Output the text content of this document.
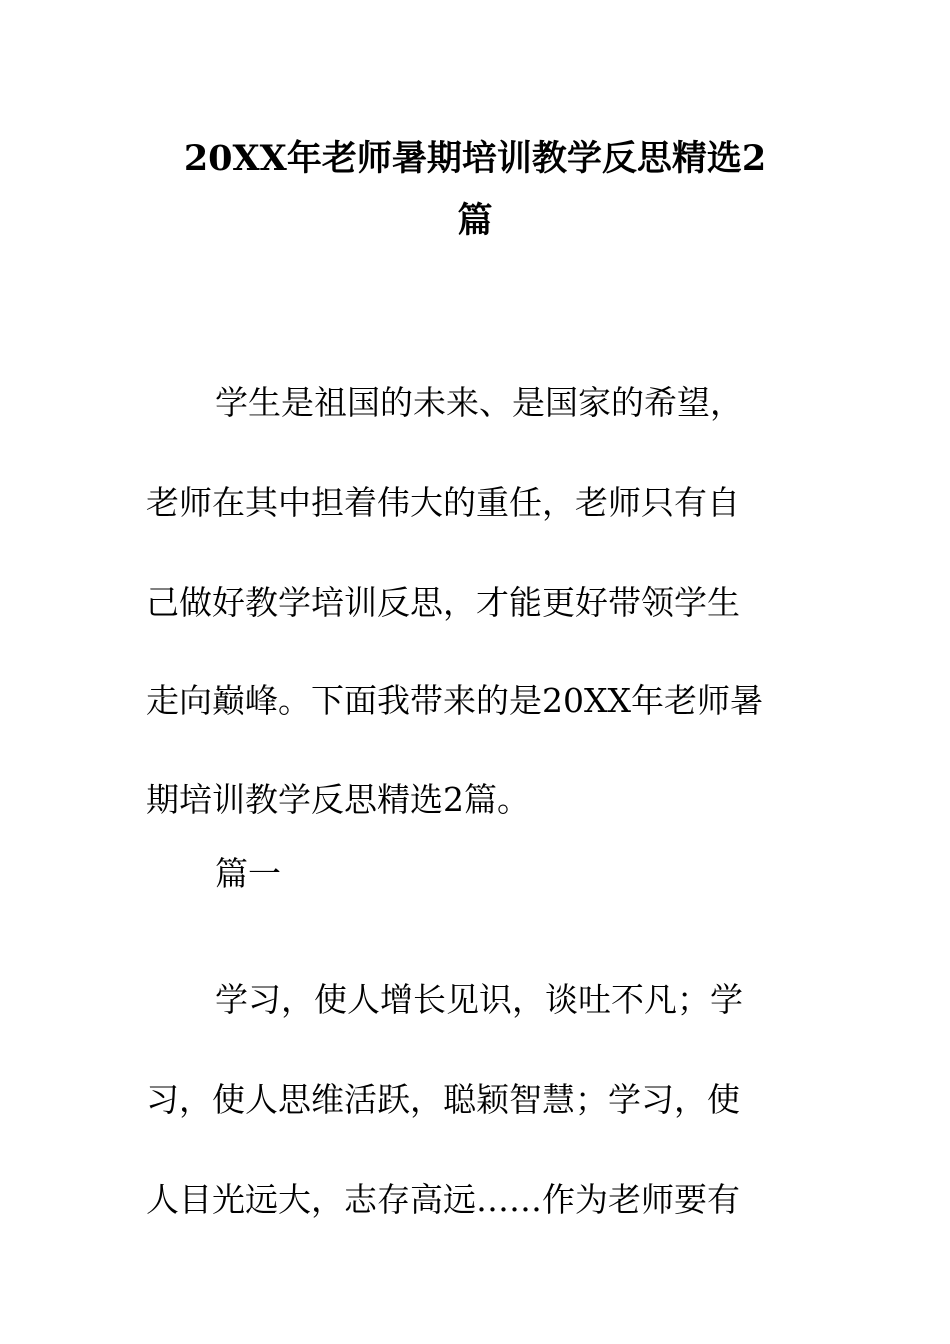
20XX年老师暑期培训教学反思精选2
篇
学生是祖国的未来、是国家的希望，
老师在其中担着伟大的重任，老师只有自
己做好教学培训反思，才能更好带领学生
走向巅峰。下面我带来的是20XX年老师暑
期培训教学反思精选2篇。
篇一
学习，使人增长见识，谈吐不凡；学
习，使人思维活跃，聪颖智慧；学习，使
人目光远大，志存高远……作为老师要有
